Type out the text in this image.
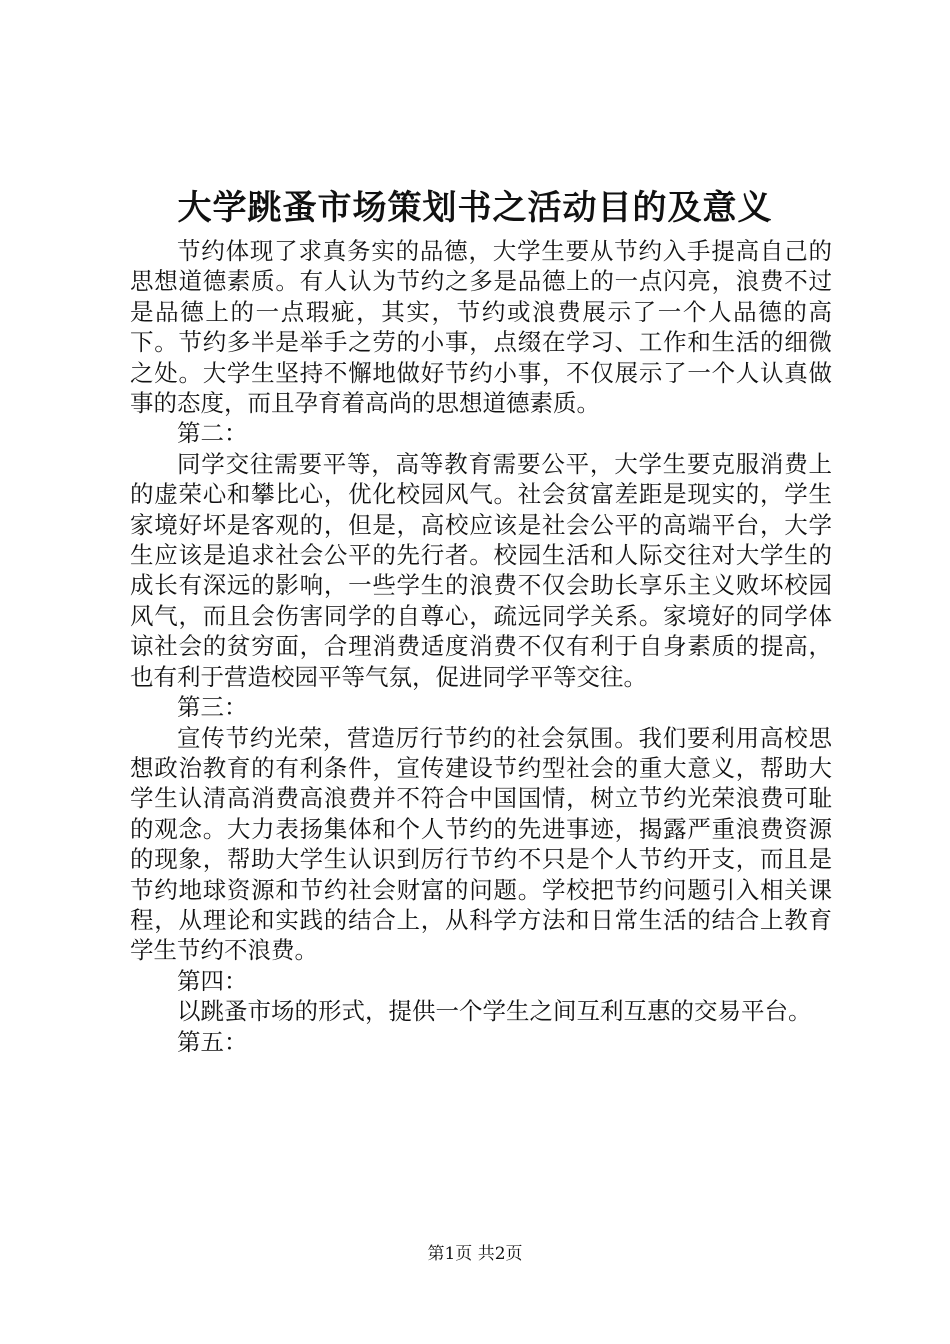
大学跳蚤市场策划书之活动目的及意义

节约体现了求真务实的品德，大学生要从节约入手提高自己的思想道德素质。有人认为节约之多是品德上的一点闪亮，浪费不过是品德上的一点瑕疵，其实，节约或浪费展示了一个人品德的高下。节约多半是举手之劳的小事，点缀在学习、工作和生活的细微之处。大学生坚持不懈地做好节约小事，不仅展示了一个人认真做事的态度，而且孕育着高尚的思想道德素质。

第二：

同学交往需要平等，高等教育需要公平，大学生要克服消费上的虚荣心和攀比心，优化校园风气。社会贫富差距是现实的，学生家境好坏是客观的，但是，高校应该是社会公平的高端平台，大学生应该是追求社会公平的先行者。校园生活和人际交往对大学生的成长有深远的影响，一些学生的浪费不仅会助长享乐主义败坏校园风气，而且会伤害同学的自尊心，疏远同学关系。家境好的同学体谅社会的贫穷面，合理消费适度消费不仅有利于自身素质的提高，也有利于营造校园平等气氛，促进同学平等交往。

第三：

宣传节约光荣，营造厉行节约的社会氛围。我们要利用高校思想政治教育的有利条件，宣传建设节约型社会的重大意义，帮助大学生认清高消费高浪费并不符合中国国情，树立节约光荣浪费可耻的观念。大力表扬集体和个人节约的先进事迹，揭露严重浪费资源的现象，帮助大学生认识到厉行节约不只是个人节约开支，而且是节约地球资源和节约社会财富的问题。学校把节约问题引入相关课程，从理论和实践的结合上，从科学方法和日常生活的结合上教育学生节约不浪费。

第四：

以跳蚤市场的形式，提供一个学生之间互利互惠的交易平台。

第五：

第1页 共2页
